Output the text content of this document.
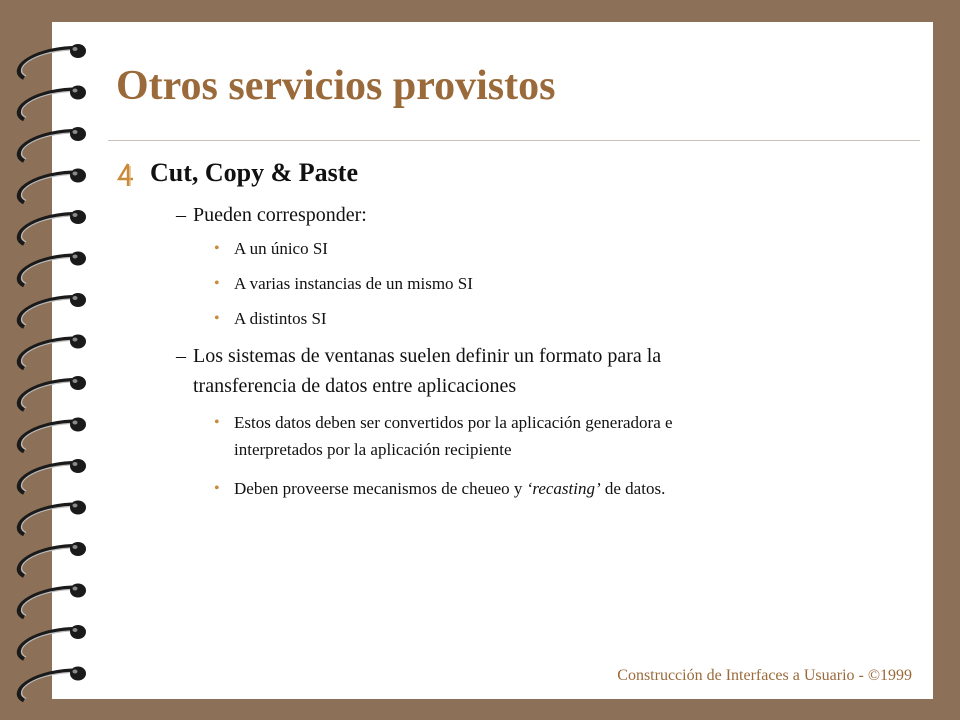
Otros servicios provistos
Cut, Copy & Paste
– Pueden corresponder:
• A un único SI
• A varias instancias de un mismo SI
• A distintos SI
– Los sistemas de ventanas suelen definir un formato para la
transferencia de datos entre aplicaciones
• Estos datos deben ser convertidos por la aplicación generadora e
interpretados por la aplicación recipiente
• Deben proveerse mecanismos de cheueo y ‘recasting’ de datos.
Construcción de Interfaces a Usuario - ©1999
